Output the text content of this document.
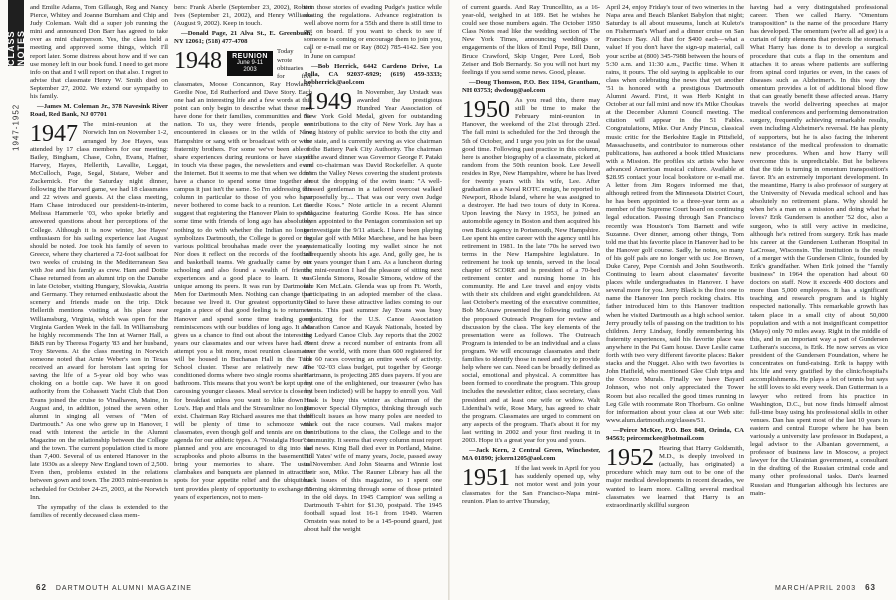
CLASS NOTES
1947-1952

and Emilie Adams, Tom Gillaugh, Reg and Nancy Pierce, Whitey and Joanne Burnham and Chip and Judy Coleman. Walt did a super job running the mini and announced Don Barr has agreed to take over as mini chairperson. Yes, the class held a meeting and approved some things, which I'll report later. Some distress about how and if we can use money left in our book fund. I need to get more info on that and I will report on that also. I regret to advise that classmate Henry W. Smith died on September 27, 2002. We extend our sympathy to his family.

—James M. Coleman Jr., 378 Navesink River Road, Red Bank, NJ 07701

1947 The mini-reunion at the Norwich Inn on November 1-2, arranged by Joe Hayes, was attended by 17 class members for our meeting: Bailey, Bingham, Chase, Cohn, Evans, Hafner, Harvey, Hayes, Hellerith, Lavallie, Leggat, McCulloch, Page, Segal, Sistare, Weber and Zuckernick. For the Saturday night dinner, following the Harvard game, we had 18 classmates and 22 wives and guests. At the class meeting, Ham Chase introduced our president-in-interim, Melissa Hammerle '03, who spoke briefly and answered questions about her perceptions of the College. Although it is now winter, Joe Hayes' enthusiasm for his sailing experience last August should be noted. Joe took his family of seven to Greece, where they chartered a 72-foot sailboat for two weeks of cruising in the Mediterranean Sea with Joe and his family as crew. Ham and Dottie Chase returned from an alumni trip on the Danube in late October, visiting Hungary, Slovakia, Austria and Germany. They returned enthusiastic about the scenery and friends made on the trip. Dick Hellerith mentions visiting at his place near Williamsburg, Virginia, which was open for the Virginia Garden Week in the fall. In Williamsburg he highly recommends The Inn at Warner Hall, a B&B run by Theresa Fogarty '83 and her husband, Troy Stevens. At the class meeting in Norwich someone noted that Arnie Weber's son in Texas received an award for heroism last spring for saving the life of a 5-year old boy who was choking on a bottle cap. We have it on good authority from the Cohassett Yacht Club that Don Evans joined the cruise to Vinalhaven, Maine, in August and, in addition, joined the seven other alumni in singing all verses of "Men of Dartmouth." As one who grew up in Hanover, I read with interest the article in the Alumni Magazine on the relationship between the College and the town. The current population cited is more than 7,400. Several of us entered Hanover in the late 1930s as a sleepy New England town of 2,500. Even then, problems existed in the relations between gown and town. The 2003 mini-reunion is scheduled for October 24-25, 2003, at the Norwich Inn.

The sympathy of the class is extended to the families of recently deceased class mem-

bers: Frank Aberle (September 23, 2002), Robert Ives (September 21, 2002), and Henry Williams (August 9, 2002). Keep in touch.

—Donald Page, 21 Alva St., E. Greenbush, NY 12061; (518) 477-4708

1948	REUNION
June 9-11
2003

Today I wrote obituaries for five classmates, Moose Concannon, Ray Howland, Gordie Noe, Ed Rutherford and Dave Story. Each one had an interesting life and a few words at this point can only begin to describe what these men have done for their families, communities and the nation. To us, they were friends, people we encountered in classes or in the wilds of New Hampshire or sang with or broadcast with or were fraternity brothers. For some we've been able to share experiences during reunions or have stayed in touch via these pages, the newsletters and even the Internet. But it seems to me that when we don't have a chance to spend some time together on campus it just isn't the same. So I'm addressing this column in particular to those of you who have never bothered to come back to a reunion. Let me suggest that registering the Hanover Plain to spend some time with friends of long ago has absolutely nothing to do with whether the Indian no longer symbolizes Dartmouth, the College is gored or the various political brouhahas made over the years. Nor does it reflect on the records of the football and basketball teams. We gradually came by our schooling and also found a wealth of friends, experiences and a good place to learn. It was unique among its peers. It was run by Dartmouth Men for Dartmouth Men. Nothing can change that because we lived it. Our greatest opportunity to regain a piece of that good feeling is to return to Hanover and spend some time trading good reminiscences with our buddies of long ago. It also gives us a chance to find out about the interesting years our classmates and our wives have had. To attempt you a bit more, most reunion classmates will be housed in Buchanan Hall in the Tuck School cluster. These are relatively new air-conditioned dorms where two single rooms share a bathroom. This means that you won't be kept up by carousing younger classes. Meal service is close by for breakfast unless you want to hike down to Lou's. Hap and Hals and the Streamliner no longer exist. Chairman Ray Richard assures me that there will be plenty of time to schmooze with classmates, even though golf and tennis are on the agenda for our athletic types. A "Nostalgia Hour" is planned and you are encouraged to dig into the scrapbooks and photo albums in the basement to bring your memories to share. The usual clambakes and banquets are planned in attractive spots for your appetite relief and the ubiquitous tent provides plenty of opportunity to exchange 55 years of experiences, not to men-

tion those stories of evading Pudge's justice while skating the regulations. Advance registration is well above norm for a 55th and there is still time to get on board. If you want to check to see if someone is coming or encourage them to join you, call or e-mail me or Ray (802) 785-4142. See you in June on campus!

—Bob Herrick, 6442 Cardeno Drive, La Jolla, CA 92037-6929; (619) 459-3333; bobherrick@aol.com

1949 In November, Jay Urstadt was awarded the prestigious Hundred Year Association of New York Gold Medal, given for outstanding contributions to the city of New York. Jay has a long history of public service to both the city and the state, and is currently serving as vice chairman of the Battery Park City Authority. The chairman of the award dinner was Governor George F. Pataki and co-chairman was David Rockefeller. A quote from the Valley News covering the student protests about the dropping of the swim team: "A well-dressed gentleman in a tailored overcoat walked purposefully by.... That was our very own Judge Gordie Koss." Note article in a recent Alumni Magazine featuring Gordie Koss. He has since been appointed to the Pentagon commission set up to investigate the 9/11 attack. I have been playing regular golf with Mike Marchese, and he has been systematically looting my wallet since he not infrequently shoots his age. And, golly gee, he is six years younger than I am. As a luncheon during the mini-reunion I had the pleasure of sitting next to Glenda Simons, Rosalie Simons, widow of the late Ken McLain. Glenda was up from Ft. Worth, participating in an adopted member of the class. Glad to have these attractive ladies coming to our events. This past summer Jay Evans was busy organizing for the U.S. Canoe Association Marathon Canoe and Kayak Nationals, hosted by the Ledyard Canoe Club. Jay reports that the 2002 event drew a record number of entrants from all over the world, with more than 600 registered for the 60 races covering an entire week of activity. The '02-'03 class budget, put together by George Hartmann, is projecting 285 dues payers. If you are not one of the enlightened, our treasurer (who has not been indicted) will be happy to enroll you. Vail Haak is busy this winter as chairman of the Hanover Special Olympics, thinking through such difficult issues as how many poles are needed to mark out the race courses. Vail makes major contributions to the class, the College and to the community. It seems that every column must report sad news. King Ball died ever in Portland, Maine. Bill Yates' wife of many years, Jocie, passed away in November. And John Stearns and Winnie lost their son, Mike. The Rauner Library has all the back issues of this magazine, so I spent one morning skimming through some of those printed in the old days. In 1945 Campion' was selling a Dartmouth T-shirt for $1.30, postpaid. The 1945 football squad lost 16-1 from 1949. Warren Ornstein was noted to be a 145-pound guard, just about half the weight

of current guards. And Ray Truncellito, as a 16-year-old, weighed in at 189. Bet he wishes he could see those numbers again. The October 1950 Class Notes read like the wedding section of The New York Times, announcing weddings or engagements of the likes of Emil Pope, Bill Dunn, Bruce Crawford, Skip Unger, Pere Lord, Bob Zeiser and Bob Bernardy. So you will not hurt my feelings if you send some news. Good, please.

—Doug Thomson, P.O. Box 1194, Grantham, NH 03753; dwdoug@aol.com

1950 As you read this, there may still be time to make the February mini-reunion in Hanover, the weekend of the 21st through 23rd. The fall mini is scheduled for the 3rd through the 5th of October, and I urge you join us for the usual good time. Following past practice in this column, here is another biography of a classmate, picked at random from the 50th reunion book. Lee Jewell resides in Rye, New Hampshire, where he has lived for twenty years with his wife, Lee. After graduation as a Naval ROTC ensign, he reported to Newport, Rhode Island, where he was assigned to a destroyer. He had two tours of duty in Korea. Upon leaving the Navy in 1953, he joined an automobile agency in Boston and then acquired his own Buick agency in Portsmouth, New Hampshire. Lee spent his entire career with the agency until his retirement in 1981. In the late '70s he served two terms in the New Hampshire legislature. In retirement he took up tennis, served in the local chapter of SCORE and is president of a 70-bed retirement center and nursing home in his community. He and Lee travel and enjoy visits with their six children and eight grandchildren. At last October's meeting of the executive committee, Bob McAnaw presented the following outline of the proposed Outreach Program for review and discussion by the class. The key elements of the presentation were as follows. The Outreach Program is intended to be an individual and a class program. We will encourage classmates and their families to identify those in need and try to provide help where we can. Need can be broadly defined as social, emotional and physical. A committee has been formed to coordinate the program. This group includes the newsletter editor, class secretary, class president and at least one wife or widow. Walt Lidenthal's wife, Rose Mary, has agreed to chair the program. Classmates are urged to comment on any aspects of the program. That's about it for my last writing in 2002 and your first reading it in 2003. Hope it's a great year for you and yours.

—Jack Kern, 2 Central Green, Winchester, MA 01890; jckern1205@aol.com

1951 If the last week in April for you has suddenly opened up, why not motor west and join your classmates for the San Francisco-Napa mini-reunion. Plan to arrive Thursday,

April 24, enjoy Friday's tour of two wineries in the Napa area and Beach Blanket Babylon that night; Saturday is all about museums, lunch at Kuleto's on Fisherman's Wharf and a dinner cruise on San Francisco Bay. All that for $400 each—what a value! If you don't have the sign-up material, call your scribe at (800) 345-7988 between the hours of 5:30 a.m. and 11:30 a.m., Pacific time. When it rains, it pours. The old saying is applicable to our class when celebrating the news that yet another '51 is honored with a prestigious Dartmouth Alumni Award. First, it was Herb Knight in October at our fall mini and now it's Mike Choukas at the December Alumni Council meeting. The citation will appear in the 51 Fables. Congratulations, Mike. Our Andy Pincus, classical music critic for the Berkshire Eagle in Pittsfield, Massachusetts, and contributor to numerous other publications, has authored a book titled Musicians with a Mission. He profiles six artists who have advanced American musical culture. Available at $28.95 contact your local bookstore or e-mail me. A letter from Jim Rogers informed me that, although retired from the Minnesota District Court, he has been appointed to a three-year term as a member of the Supreme Court board on continuing legal education. Passing through San Francisco recently was Houston's Tom Barnett and wife Suzanne. Over dinner, among other things, Tom told me that his favorite place in Hanover had to be the Hanover golf course. Sadly, he notes, so many of his golf pals are no longer with us: Joe Brown, Duke Carey, Pepe Cornish and John Southworth. Continuing to learn about classmates' favorite places while undergraduates in Hanover. I have several more for you. Jerry Black is the first one to name the Hanover Inn porch rocking chairs. His father introduced him to this Hanover tradition when he visited Dartmouth as a high school senior. Jerry proudly tells of passing on the tradition to his children. Jerry Lindsay, fondly remembering his fraternity experiences, said his favorite place was anywhere in the Psi Gam house. Dave Leslie came forth with two very different favorite places: Baker stacks and the Nugget. Also with two favorites is John Hatfield, who mentioned Glee Club trips and the Orozco Murals. Finally we have Bayard Johnson, who not only appreciated the Tower Room but also recalled the good times running in Leg Gile with roommate Ron Thorburn. Go online for information about your class at our Web site: www.alum.dartmouth.org/classes/51.

—Peirce McKee, P.O. Box 848, Orinda, CA 94563; peircemckee@hotmail.com

1952 Hearing that Harry Goldsmith, M.D., is deeply involved in (actually, has originated) a procedure which may turn out to be one of the major medical developments in recent decades, we wanted to learn more. Calling several medical classmates we learned that Harry is an extraordinarily skillful surgeon

having had a very distinguished professional career. Then we called Harry. "Omentum transposition" is the name of the procedure Harry has developed. The omentum (we're all ad gee) is a curtain of fatty elements that protects the stomach. What Harry has done is to develop a surgical procedure that cuts a flap in the omentum and attaches it to areas where patients are suffering from spinal cord injuries or even, in the cases of diseases such as Alzheimer's. In this way the omentum provides a lot of additional blood flow that can greatly benefit these affected areas. Harry travels the world delivering speeches at major medical conferences and performing demonstration surgery, frequently achieving remarkable results, even including Alzheimer's reversal. He has plenty of supporters, but he is also facing the inherent resistance of the medical profession to dramatic new procedures. When and how Harry will overcome this is unpredictable. But he believes that the tide is turning in omentum transposition's favor. It's an extremely important development. In the meantime, Harry is also professor of surgery at the University of Nevada medical school and has absolutely no retirement plans. Why should he when he's a man on a mission and doing what he loves? Erik Gundersen is another '52 doc, also a surgeon, who is still very active in medicine, although he's retired from surgery. Erik has made his career at the Gundersen Lutheran Hospital in LaCrosse, Wisconsin. The institution is the result of a merger with the Gundersen Clinic, founded by Erik's grandfather. When Erik joined the "family business" in 1964 the operation had about 60 doctors on staff. Now it exceeds 400 doctors and more than 5,000 employees. It has a significant teaching and research program and is highly respected nationally. This remarkable growth has taken place in a small city of about 50,000 population and with a not insignificant competitor (Mayo) only 70 miles away. Right in the middle of this, and in an important way a part of Gundersen Lutheran's success, is Erik. He now serves as vice president of the Gundersen Foundation, where he concentrates on fund-raising. Erik is happy with his life and very gratified by the clinic/hospital's accomplishments. He plays a lot of tennis but says he still loves to ski every week. Dan Gutterman is a lawyer who retired from his practice in Washington, D.C., but now finds himself almost full-time busy using his professional skills in other venues. Dan has spent most of the last 10 years in eastern and central Europe where he has been variously a university law professor in Budapest, a legal advisor to the Albanian government, a professor of business law in Moscow, a project lawyer for the Ukrainian government, a consultant in the drafting of the Russian criminal code and many other professional tasks. Dan's learned Russian and Hungarian although his lectures are main-

62 DARTMOUTH ALUMNI MAGAZINE	MARCH/APRIL 2003 63
